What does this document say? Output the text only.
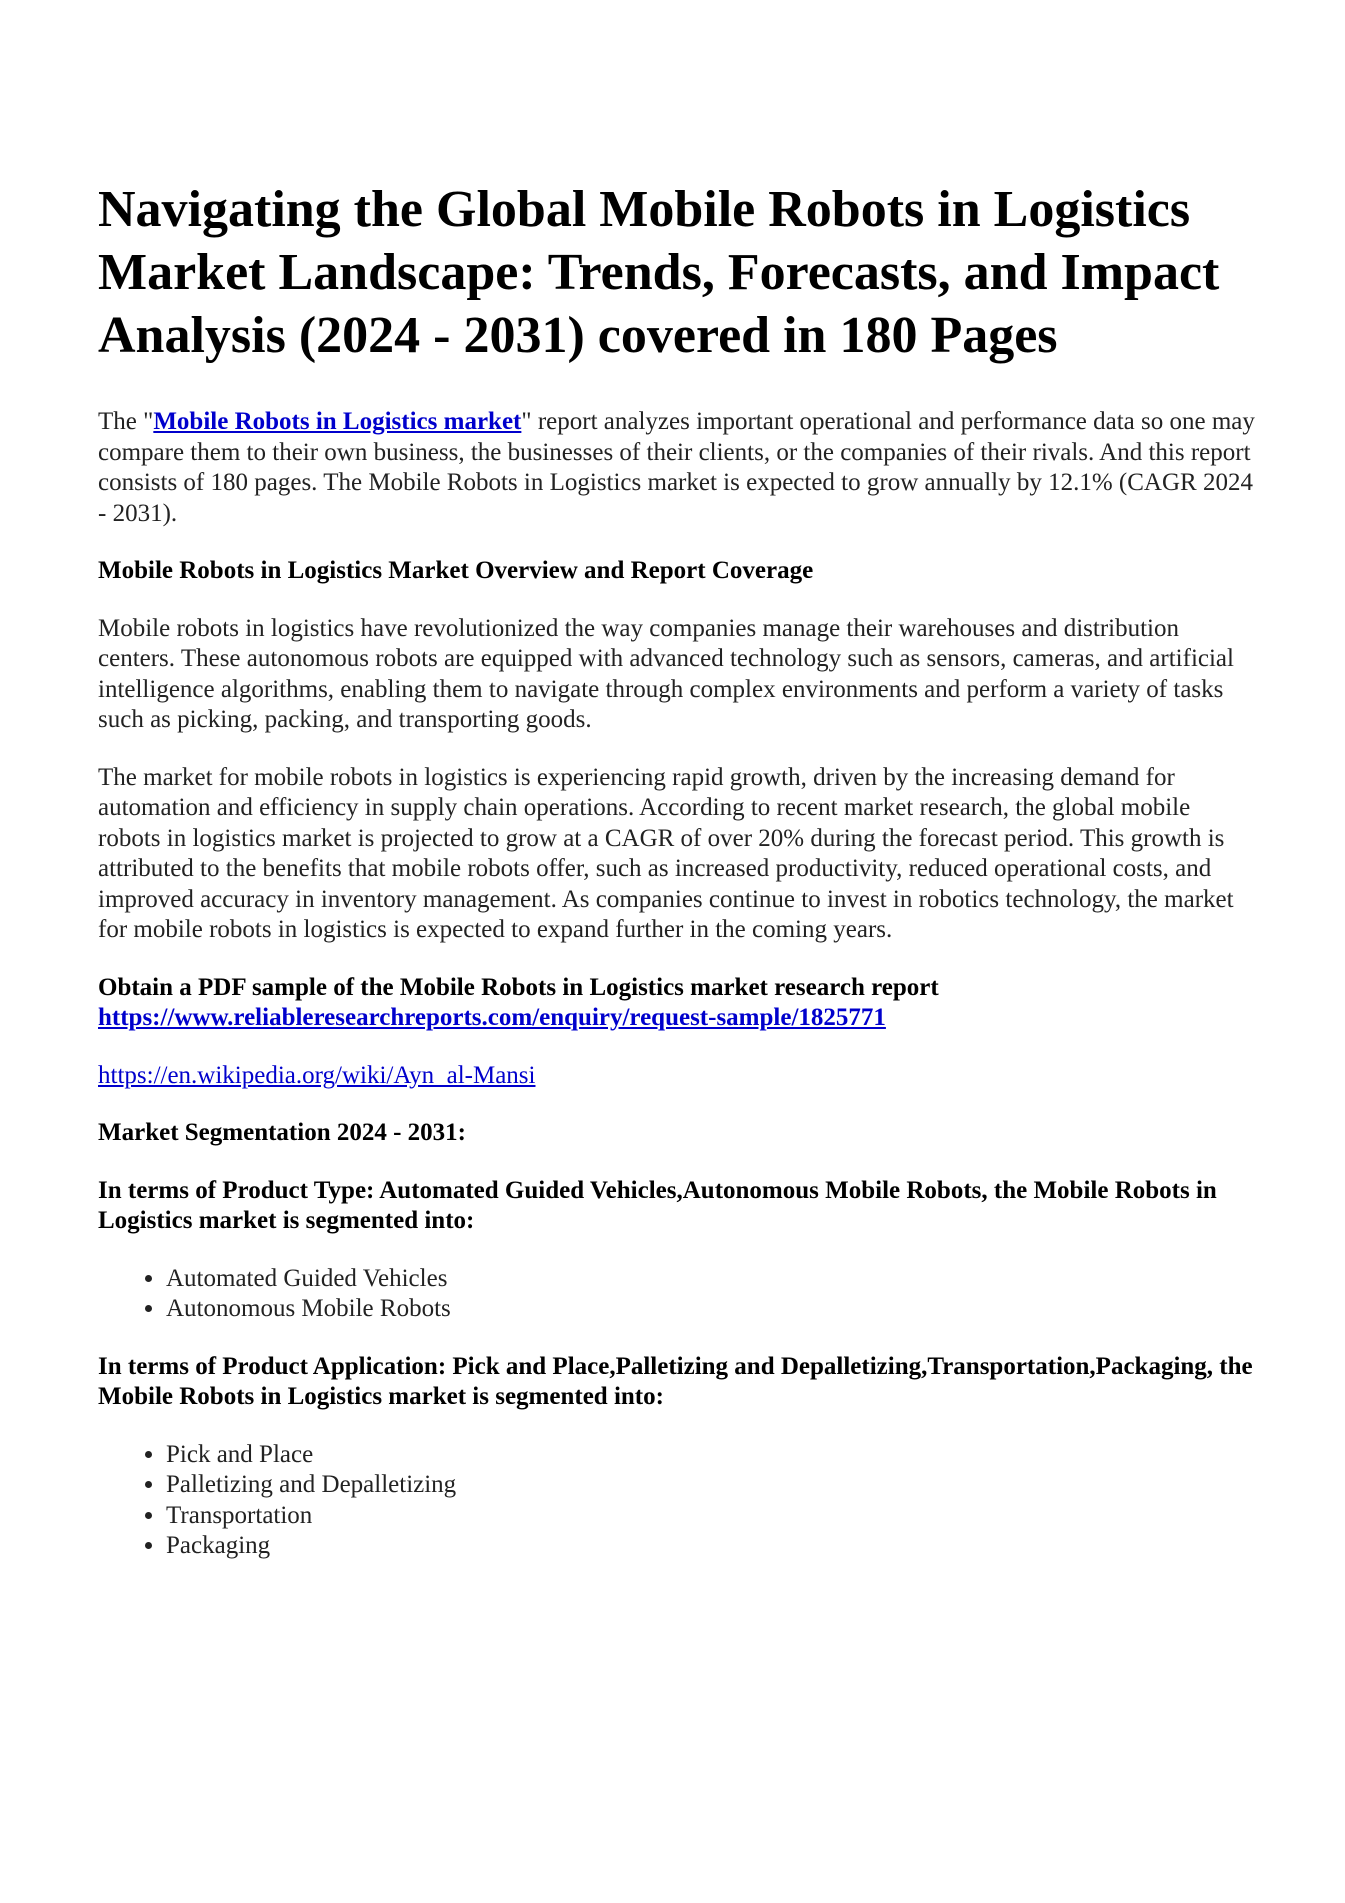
Navigating the Global Mobile Robots in Logistics Market Landscape: Trends, Forecasts, and Impact Analysis (2024 - 2031) covered in 180 Pages

The "Mobile Robots in Logistics market" report analyzes important operational and performance data so one may compare them to their own business, the businesses of their clients, or the companies of their rivals. And this report consists of 180 pages. The Mobile Robots in Logistics market is expected to grow annually by 12.1% (CAGR 2024 - 2031).

Mobile Robots in Logistics Market Overview and Report Coverage

Mobile robots in logistics have revolutionized the way companies manage their warehouses and distribution centers. These autonomous robots are equipped with advanced technology such as sensors, cameras, and artificial intelligence algorithms, enabling them to navigate through complex environments and perform a variety of tasks such as picking, packing, and transporting goods.

The market for mobile robots in logistics is experiencing rapid growth, driven by the increasing demand for automation and efficiency in supply chain operations. According to recent market research, the global mobile robots in logistics market is projected to grow at a CAGR of over 20% during the forecast period. This growth is attributed to the benefits that mobile robots offer, such as increased productivity, reduced operational costs, and improved accuracy in inventory management. As companies continue to invest in robotics technology, the market for mobile robots in logistics is expected to expand further in the coming years.

Obtain a PDF sample of the Mobile Robots in Logistics market research report https://www.reliableresearchreports.com/enquiry/request-sample/1825771

https://en.wikipedia.org/wiki/Ayn_al-Mansi

Market Segmentation 2024 - 2031:

In terms of Product Type: Automated Guided Vehicles,Autonomous Mobile Robots, the Mobile Robots in Logistics market is segmented into:

• Automated Guided Vehicles
• Autonomous Mobile Robots

In terms of Product Application: Pick and Place,Palletizing and Depalletizing,Transportation,Packaging, the Mobile Robots in Logistics market is segmented into:

• Pick and Place
• Palletizing and Depalletizing
• Transportation
• Packaging
